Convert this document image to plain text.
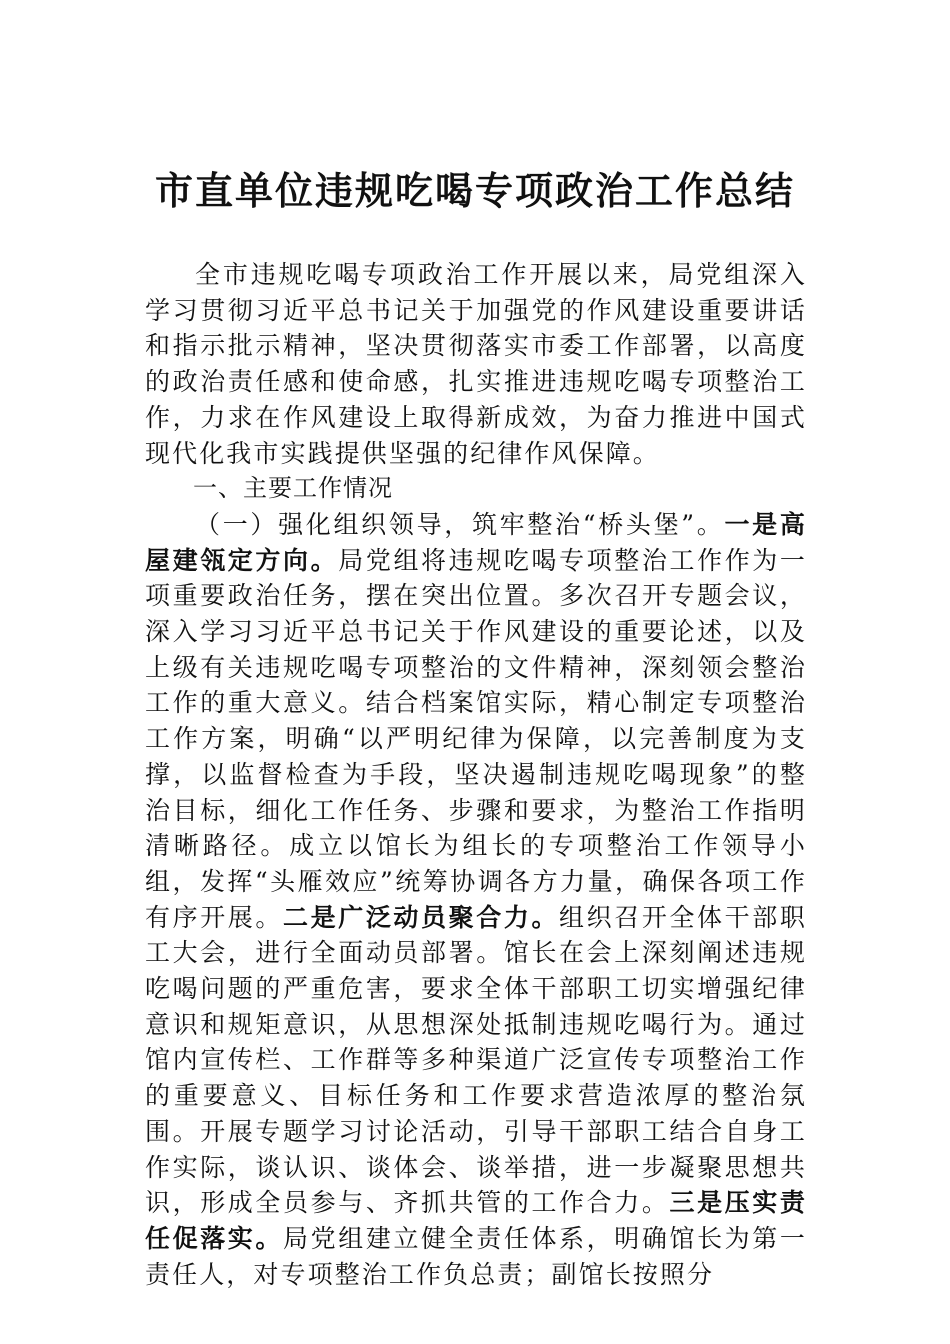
市直单位违规吃喝专项政治工作总结

全市违规吃喝专项政治工作开展以来，局党组深入学习贯彻习近平总书记关于加强党的作风建设重要讲话和指示批示精神，坚决贯彻落实市委工作部署，以高度的政治责任感和使命感，扎实推进违规吃喝专项整治工作，力求在作风建设上取得新成效，为奋力推进中国式现代化我市实践提供坚强的纪律作风保障。

一、主要工作情况

（一）强化组织领导，筑牢整治“桥头堡”。一是高屋建瓴定方向。局党组将违规吃喝专项整治工作作为一项重要政治任务，摆在突出位置。多次召开专题会议，深入学习习近平总书记关于作风建设的重要论述，以及上级有关违规吃喝专项整治的文件精神，深刻领会整治工作的重大意义。结合档案馆实际，精心制定专项整治工作方案，明确“以严明纪律为保障，以完善制度为支撑，以监督检查为手段，坚决遏制违规吃喝现象”的整治目标，细化工作任务、步骤和要求，为整治工作指明清晰路径。成立以馆长为组长的专项整治工作领导小组，发挥“头雁效应”统筹协调各方力量，确保各项工作有序开展。二是广泛动员聚合力。组织召开全体干部职工大会，进行全面动员部署。馆长在会上深刻阐述违规吃喝问题的严重危害，要求全体干部职工切实增强纪律意识和规矩意识，从思想深处抵制违规吃喝行为。通过馆内宣传栏、工作群等多种渠道广泛宣传专项整治工作的重要意义、目标任务和工作要求营造浓厚的整治氛围。开展专题学习讨论活动，引导干部职工结合自身工作实际，谈认识、谈体会、谈举措，进一步凝聚思想共识，形成全员参与、齐抓共管的工作合力。三是压实责任促落实。局党组建立健全责任体系，明确馆长为第一责任人，对专项整治工作负总责；副馆长按照分
